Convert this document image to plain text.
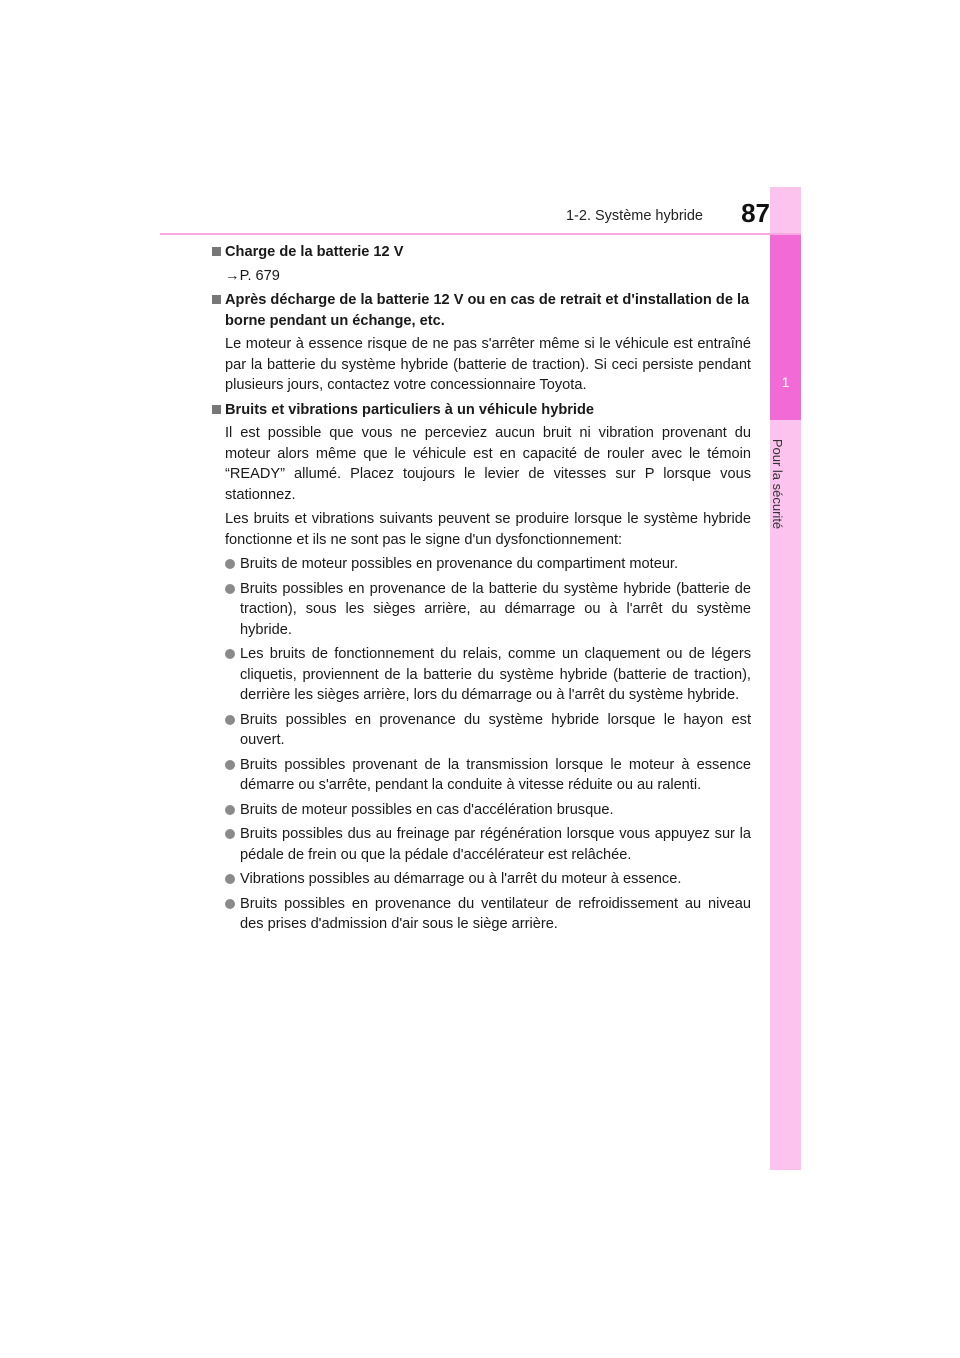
1
Pour la sécurité
1-2. Système hybride	87
Charge de la batterie 12 V
→P. 679
Après décharge de la batterie 12 V ou en cas de retrait et d'installation de la borne pendant un échange, etc.

Le moteur à essence risque de ne pas s'arrêter même si le véhicule est entraîné par la batterie du système hybride (batterie de traction). Si ceci persiste pendant plusieurs jours, contactez votre concessionnaire Toyota.

Bruits et vibrations particuliers à un véhicule hybride

Il est possible que vous ne perceviez aucun bruit ni vibration provenant du moteur alors même que le véhicule est en capacité de rouler avec le témoin “READY” allumé. Placez toujours le levier de vitesses sur P lorsque vous stationnez.

Les bruits et vibrations suivants peuvent se produire lorsque le système hybride fonctionne et ils ne sont pas le signe d'un dysfonctionnement:

Bruits de moteur possibles en provenance du compartiment moteur.
Bruits possibles en provenance de la batterie du système hybride (batterie de traction), sous les sièges arrière, au démarrage ou à l'arrêt du système hybride.
Les bruits de fonctionnement du relais, comme un claquement ou de légers cliquetis, proviennent de la batterie du système hybride (batterie de traction), derrière les sièges arrière, lors du démarrage ou à l'arrêt du système hybride.
Bruits possibles en provenance du système hybride lorsque le hayon est ouvert.
Bruits possibles provenant de la transmission lorsque le moteur à essence démarre ou s'arrête, pendant la conduite à vitesse réduite ou au ralenti.
Bruits de moteur possibles en cas d'accélération brusque.
Bruits possibles dus au freinage par régénération lorsque vous appuyez sur la pédale de frein ou que la pédale d'accélérateur est relâchée.
Vibrations possibles au démarrage ou à l'arrêt du moteur à essence.
Bruits possibles en provenance du ventilateur de refroidissement au niveau des prises d'admission d'air sous le siège arrière.
